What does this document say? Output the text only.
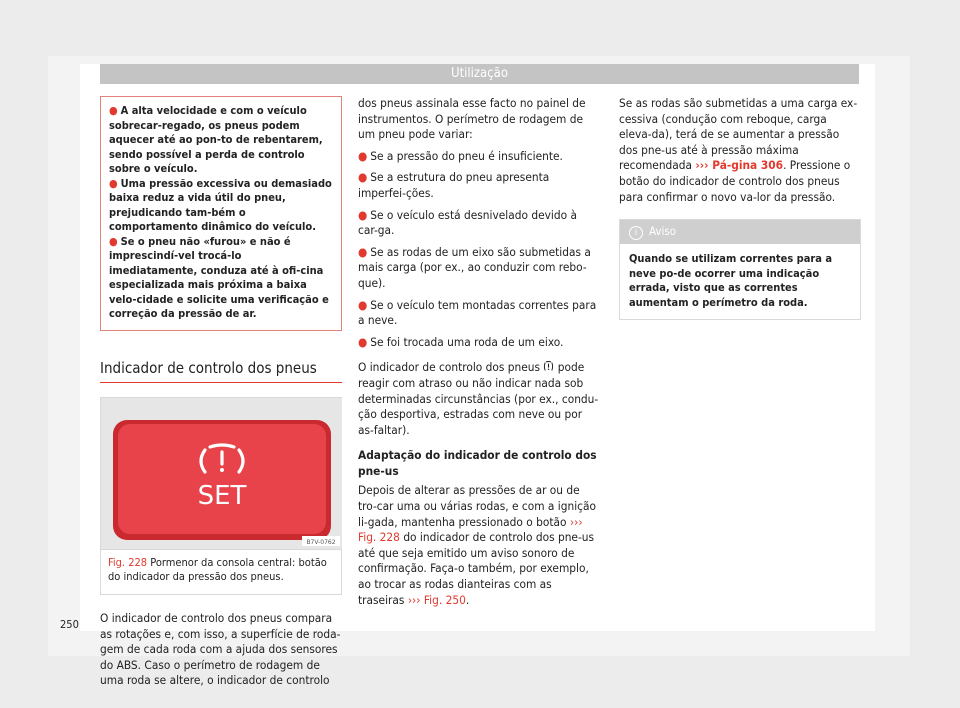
Utilização

● A alta velocidade e com o veículo sobrecar-regado, os pneus podem aquecer até ao pon-to de rebentarem, sendo possível a perda de controlo sobre o veículo.

● Uma pressão excessiva ou demasiado baixa reduz a vida útil do pneu, prejudicando tam-bém o comportamento dinâmico do veículo.

● Se o pneu não «furou» e não é imprescindí-vel trocá-lo imediatamente, conduza até à ofi-cina especializada mais próxima a baixa velo-cidade e solicite uma verificação e correção da pressão de ar.

Indicador de controlo dos pneus
SET
B7V-0762
Fig. 228 Pormenor da consola central: botão do indicador da pressão dos pneus.

O indicador de controlo dos pneus compara as rotações e, com isso, a superfície de roda-gem de cada roda com a ajuda dos sensores do ABS. Caso o perímetro de rodagem de uma roda se altere, o indicador de controlo

dos pneus assinala esse facto no painel de instrumentos. O perímetro de rodagem de um pneu pode variar:

● Se a pressão do pneu é insuficiente.

● Se a estrutura do pneu apresenta imperfei-ções.

● Se o veículo está desnivelado devido à car-ga.

● Se as rodas de um eixo são submetidas a mais carga (por ex., ao conduzir com rebo-que).

● Se o veículo tem montadas correntes para a neve.

● Se foi trocada uma roda de um eixo.

O indicador de controlo dos pneus pode reagir com atraso ou não indicar nada sob determinadas circunstâncias (por ex., condu-ção desportiva, estradas com neve ou por as-faltar).

Adaptação do indicador de controlo dos pne-us

Depois de alterar as pressões de ar ou de tro-car uma ou várias rodas, e com a ignição li-gada, mantenha pressionado o botão ››› Fig. 228 do indicador de controlo dos pne-us até que seja emitido um aviso sonoro de confirmação. Faça-o também, por exemplo, ao trocar as rodas dianteiras com as traseiras ››› Fig. 250.

Se as rodas são submetidas a uma carga ex-cessiva (condução com reboque, carga eleva-da), terá de se aumentar a pressão dos pne-us até à pressão máxima recomendada ››› Pá-gina 306. Pressione o botão do indicador de controlo dos pneus para confirmar o novo va-lor da pressão.

i Aviso
Quando se utilizam correntes para a neve po-de ocorrer uma indicação errada, visto que as correntes aumentam o perímetro da roda.
250
